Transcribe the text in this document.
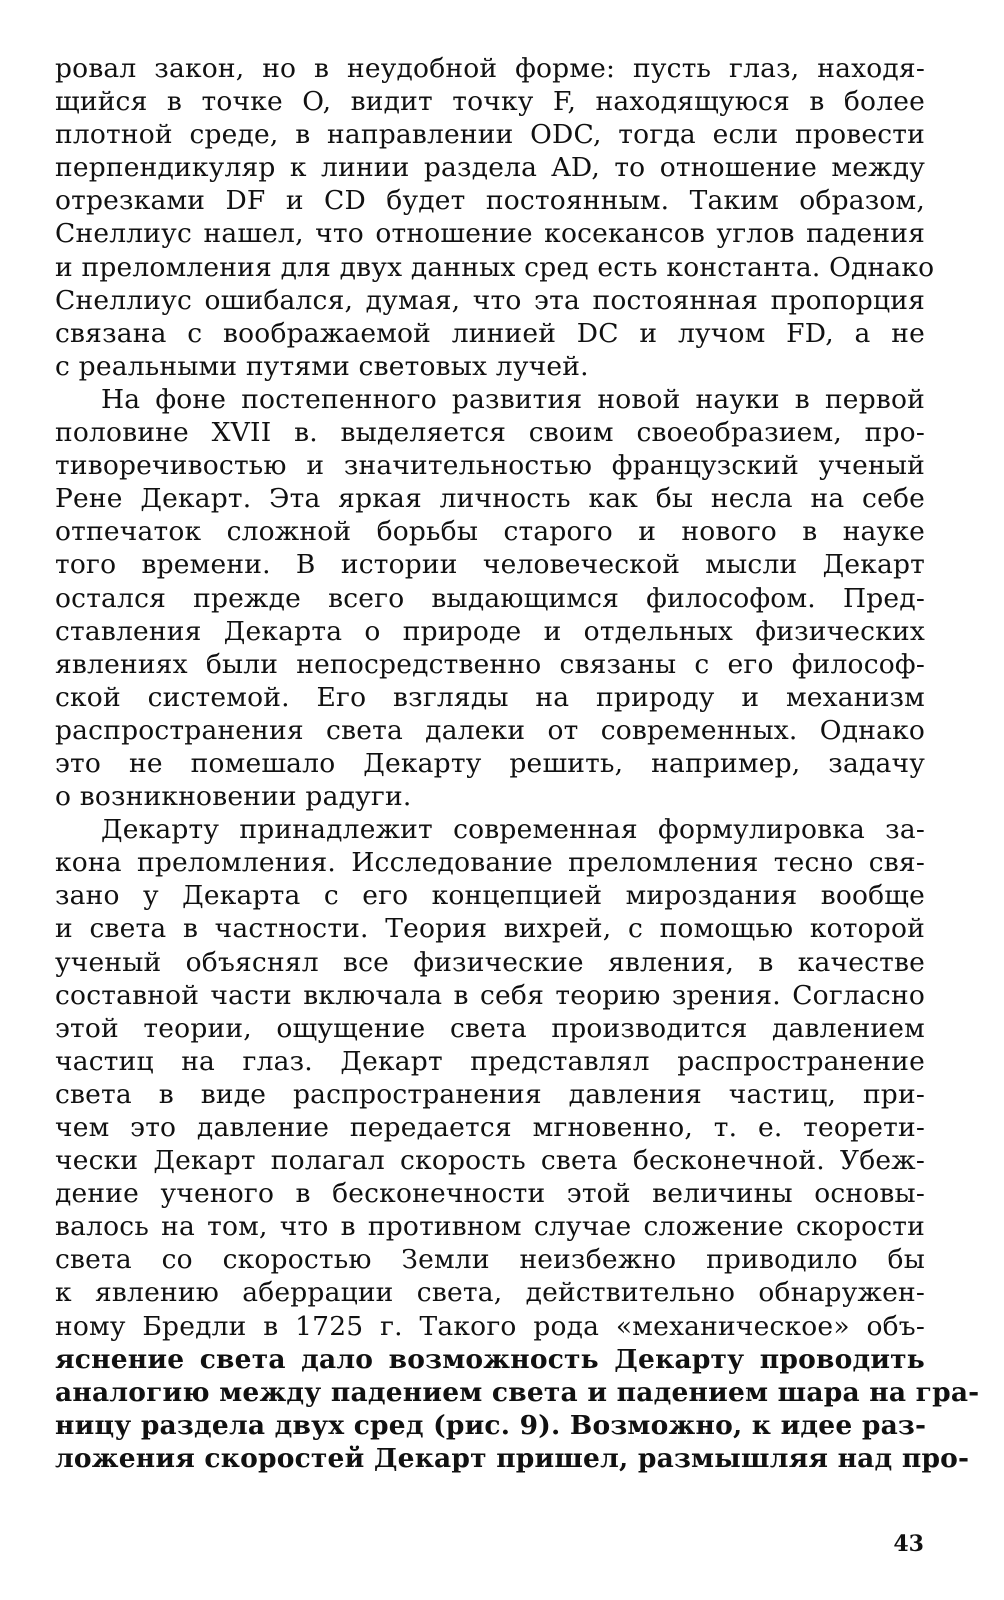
ровал закон, но в неудобной форме: пусть глаз, находя-
щийся в точке O, видит точку F, находящуюся в более
плотной среде, в направлении ODC, тогда если провести
перпендикуляр к линии раздела AD, то отношение между
отрезками DF и CD будет постоянным. Таким образом,
Снеллиус нашел, что отношение косекансов углов падения
и преломления для двух данных сред есть константа. Однако
Снеллиус ошибался, думая, что эта постоянная пропорция
связана с воображаемой линией DC и лучом FD, а не
с реальными путями световых лучей.
На фоне постепенного развития новой науки в первой
половине XVII в. выделяется своим своеобразием, про-
тиворечивостью и значительностью французский ученый
Рене Декарт. Эта яркая личность как бы несла на себе
отпечаток сложной борьбы старого и нового в науке
того времени. В истории человеческой мысли Декарт
остался прежде всего выдающимся философом. Пред-
ставления Декарта о природе и отдельных физических
явлениях были непосредственно связаны с его философ-
ской системой. Его взгляды на природу и механизм
распространения света далеки от современных. Однако
это не помешало Декарту решить, например, задачу
о возникновении радуги.
Декарту принадлежит современная формулировка за-
кона преломления. Исследование преломления тесно свя-
зано у Декарта с его концепцией мироздания вообще
и света в частности. Теория вихрей, с помощью которой
ученый объяснял все физические явления, в качестве
составной части включала в себя теорию зрения. Согласно
этой теории, ощущение света производится давлением
частиц на глаз. Декарт представлял распространение
света в виде распространения давления частиц, при-
чем это давление передается мгновенно, т. е. теорети-
чески Декарт полагал скорость света бесконечной. Убеж-
дение ученого в бесконечности этой величины основы-
валось на том, что в противном случае сложение скорости
света со скоростью Земли неизбежно приводило бы
к явлению аберрации света, действительно обнаружен-
ному Бредли в 1725 г. Такого рода «механическое» объ-
яснение света дало возможность Декарту проводить
аналогию между падением света и падением шара на гра-
ницу раздела двух сред (рис. 9). Возможно, к идее раз-
ложения скоростей Декарт пришел, размышляя над про-
43
